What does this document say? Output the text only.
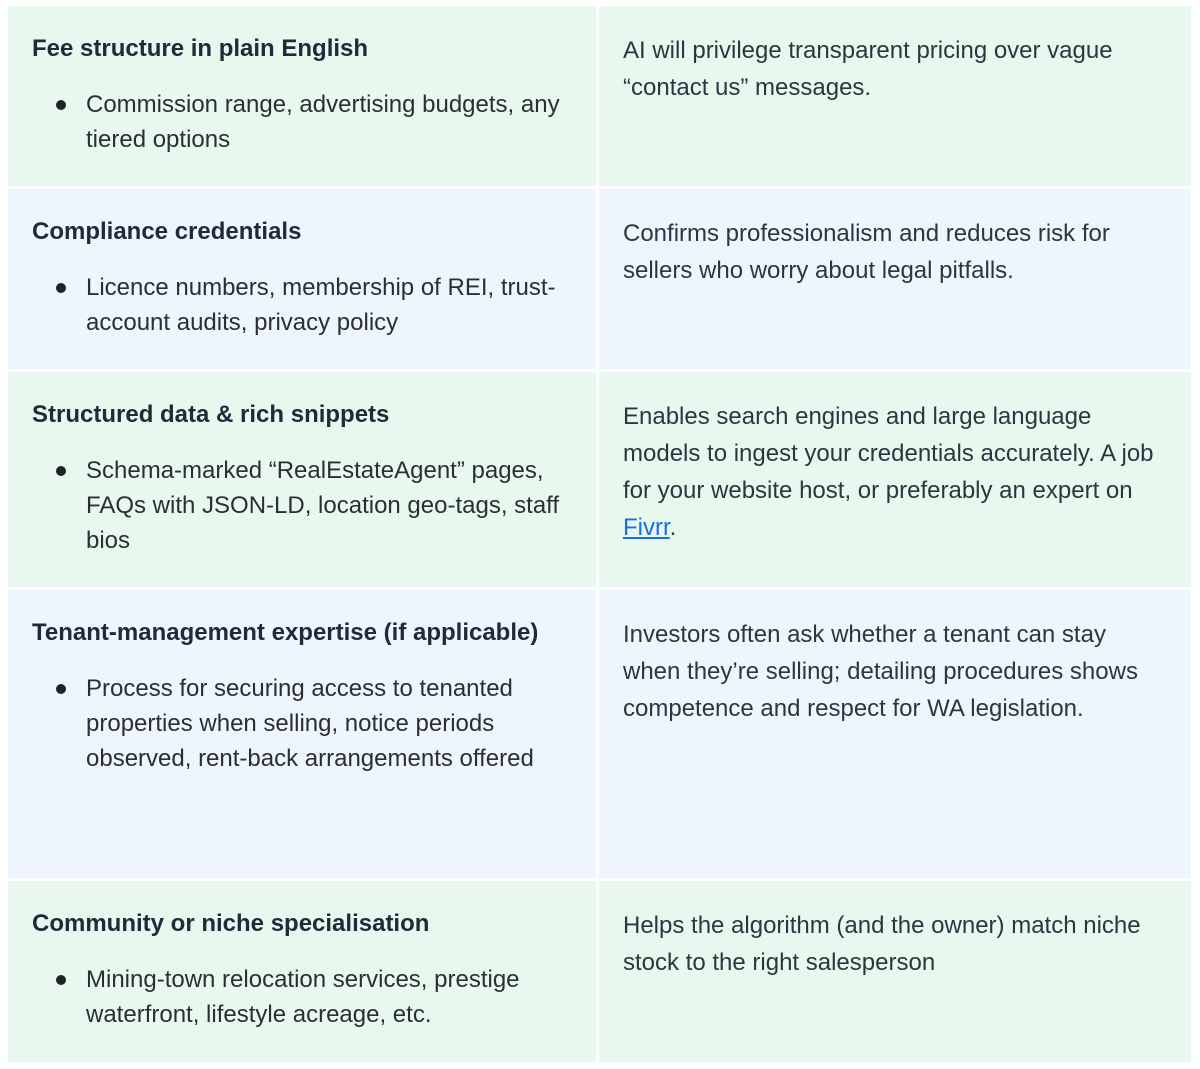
Fee structure in plain English

Commission range, advertising budgets, any tiered options

AI will privilege transparent pricing over vague “contact us” messages.

Compliance credentials

Licence numbers, membership of REI, trust-account audits, privacy policy

Confirms professionalism and reduces risk for sellers who worry about legal pitfalls.

Structured data & rich snippets

Schema-marked “RealEstateAgent” pages, FAQs with JSON-LD, location geo-tags, staff bios

Enables search engines and large language models to ingest your credentials accurately. A job for your website host, or preferably an expert on Fivrr.

Tenant-management expertise (if applicable)

Process for securing access to tenanted properties when selling, notice periods observed, rent-back arrangements offered

Investors often ask whether a tenant can stay when they’re selling; detailing procedures shows competence and respect for WA legislation.

Community or niche specialisation

Mining-town relocation services, prestige waterfront, lifestyle acreage, etc.

Helps the algorithm (and the owner) match niche stock to the right salesperson
